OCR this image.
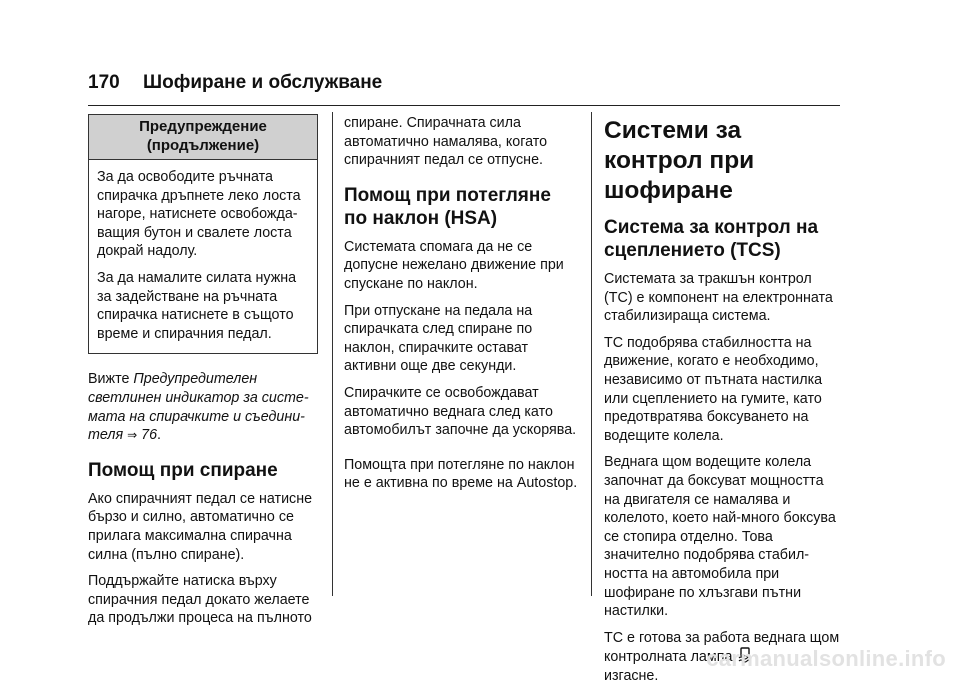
170 Шофиране и обслужване
Предупреждение
(продължение)

За да освободите ръчната спирачка дръпнете леко лоста нагоре, натиснете освобожда-ващия бутон и свалете лоста докрай надолу.

За да намалите силата нужна за задействане на ръчната спирачка натиснете в същото време и спирачния педал.

Вижте Предупредителен светлинен индикатор за систе-мата на спирачките и съедини-теля ⇒ 76.

Помощ при спиране

Ако спирачният педал се натисне бързо и силно, автоматично се прилага максимална спирачна силна (пълно спиране).

Поддържайте натиска върху спирачния педал докато желаете да продължи процеса на пълното

спиране. Спирачната сила автоматично намалява, когато спирачният педал се отпусне.

Помощ при потегляне по наклон (HSA)

Системата спомага да не се допусне нежелано движение при спускане по наклон.

При отпускане на педала на спирачката след спиране по наклон, спирачките остават активни още две секунди.

Спирачките се освобождават автоматично веднага след като автомобилът започне да ускорява.

Помощта при потегляне по наклон не е активна по време на Autostop.

Системи за контрол при шофиране
Система за контрол на сцеплението (TCS)

Системата за тракшън контрол (TC) е компонент на електронната стабилизираща система.

TC подобрява стабилността на движение, когато е необходимо, независимо от пътната настилка или сцеплението на гумите, като предотвратява боксуването на водещите колела.

Веднага щом водещите колела започнат да боксуват мощността на двигателя се намалява и колелото, което най-много боксува се стопира отделно. Това значително подобрява стабил-ността на автомобила при шофиране по хлъзгави пътни настилки.

TC е готова за работа веднага щом контролната лампа
изгасне.

carmanualsonline.info
